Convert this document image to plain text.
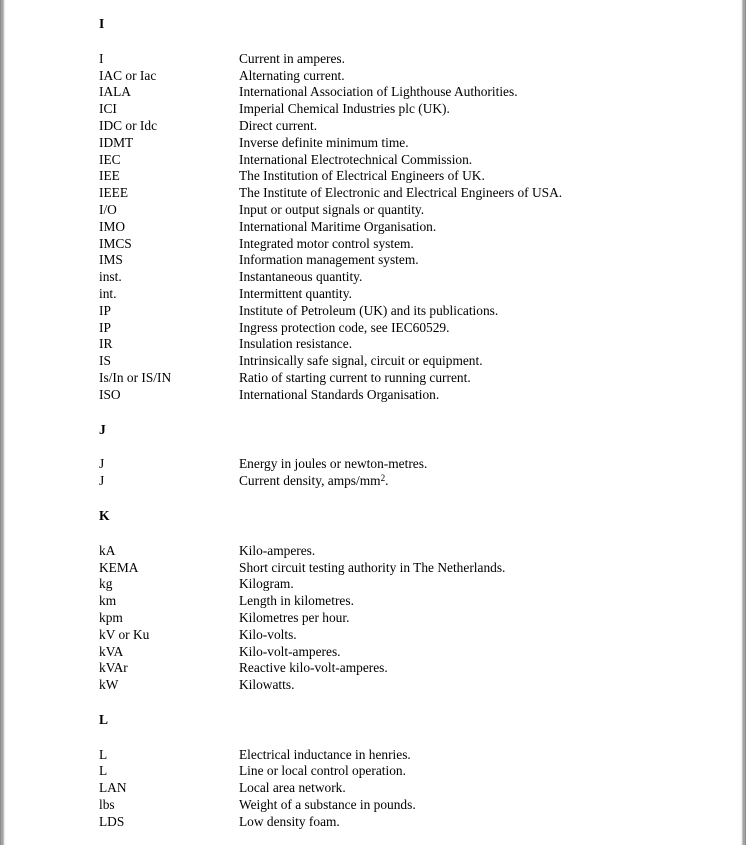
I
I	Current in amperes.
IAC or Iac	Alternating current.
IALA	International Association of Lighthouse Authorities.
ICI	Imperial Chemical Industries plc (UK).
IDC or Idc	Direct current.
IDMT	Inverse definite minimum time.
IEC	International Electrotechnical Commission.
IEE	The Institution of Electrical Engineers of UK.
IEEE	The Institute of Electronic and Electrical Engineers of USA.
I/O	Input or output signals or quantity.
IMO	International Maritime Organisation.
IMCS	Integrated motor control system.
IMS	Information management system.
inst.	Instantaneous quantity.
int.	Intermittent quantity.
IP	Institute of Petroleum (UK) and its publications.
IP	Ingress protection code, see IEC60529.
IR	Insulation resistance.
IS	Intrinsically safe signal, circuit or equipment.
Is/In or IS/IN	Ratio of starting current to running current.
ISO	International Standards Organisation.
J
J	Energy in joules or newton-metres.
J	Current density, amps/$mm^2$.
K
kA	Kilo-amperes.
KEMA	Short circuit testing authority in The Netherlands.
kg	Kilogram.
km	Length in kilometres.
kpm	Kilometres per hour.
kV or Ku	Kilo-volts.
kVA	Kilo-volt-amperes.
kVAr	Reactive kilo-volt-amperes.
kW	Kilowatts.
L
L	Electrical inductance in henries.
L	Line or local control operation.
LAN	Local area network.
lbs	Weight of a substance in pounds.
LDS	Low density foam.
